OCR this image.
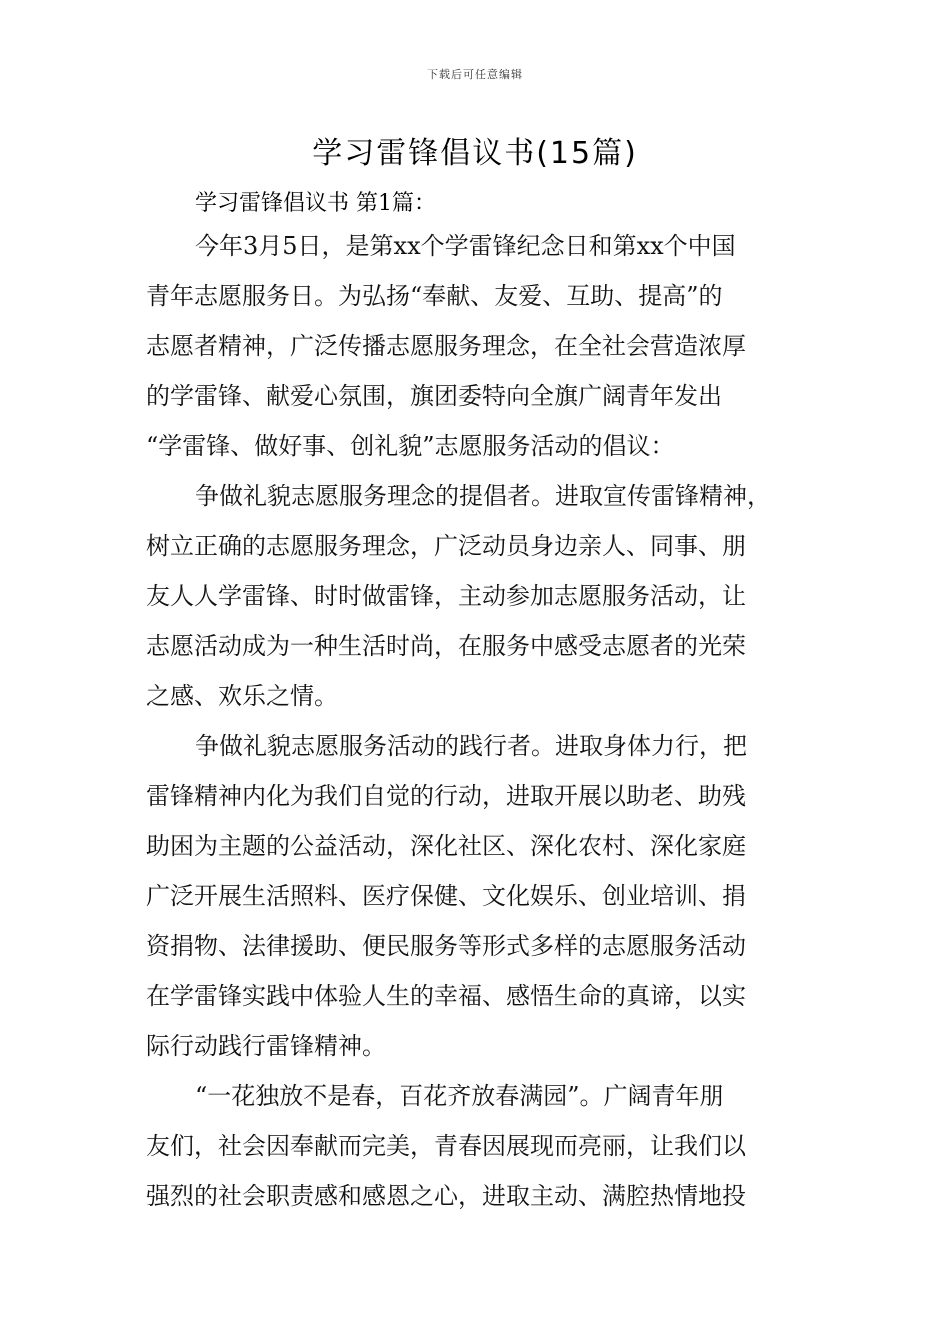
下载后可任意编辑
学习雷锋倡议书(15篇)
学习雷锋倡议书 第1篇：
今年3月5日，是第xx个学雷锋纪念日和第xx个中国
青年志愿服务日。为弘扬“奉献、友爱、互助、提高”的
志愿者精神，广泛传播志愿服务理念，在全社会营造浓厚
的学雷锋、献爱心氛围，旗团委特向全旗广阔青年发出
“学雷锋、做好事、创礼貌”志愿服务活动的倡议：
争做礼貌志愿服务理念的提倡者。进取宣传雷锋精神，
树立正确的志愿服务理念，广泛动员身边亲人、同事、朋
友人人学雷锋、时时做雷锋，主动参加志愿服务活动，让
志愿活动成为一种生活时尚，在服务中感受志愿者的光荣
之感、欢乐之情。
争做礼貌志愿服务活动的践行者。进取身体力行，把
雷锋精神内化为我们自觉的行动，进取开展以助老、助残
助困为主题的公益活动，深化社区、深化农村、深化家庭
广泛开展生活照料、医疗保健、文化娱乐、创业培训、捐
资捐物、法律援助、便民服务等形式多样的志愿服务活动
在学雷锋实践中体验人生的幸福、感悟生命的真谛，以实
际行动践行雷锋精神。
“一花独放不是春，百花齐放春满园”。广阔青年朋
友们，社会因奉献而完美，青春因展现而亮丽，让我们以
强烈的社会职责感和感恩之心，进取主动、满腔热情地投
